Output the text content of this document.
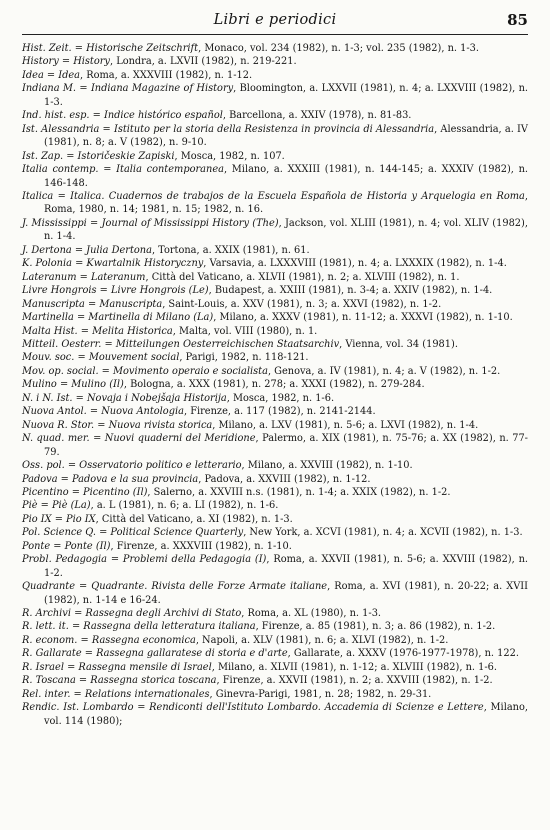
Libri e periodici	85

Hist. Zeit. = Historische Zeitschrift, Monaco, vol. 234 (1982), n. 1-3; vol. 235 (1982), n. 1-3.

History = History, Londra, a. LXVII (1982), n. 219-221.

Idea = Idea, Roma, a. XXXVIII (1982), n. 1-12.

Indiana M. = Indiana Magazine of History, Bloomington, a. LXXVII (1981), n. 4; a. LXXVIII (1982), n. 1-3.

Ind. hist. esp. = Indice histórico español, Barcellona, a. XXIV (1978), n. 81-83.

Ist. Alessandria = Istituto per la storia della Resistenza in provincia di Alessandria, Alessandria, a. IV (1981), n. 8; a. V (1982), n. 9-10.

Ist. Zap. = Istoričeskie Zapiski, Mosca, 1982, n. 107.

Italia contemp. = Italia contemporanea, Milano, a. XXXIII (1981), n. 144-145; a. XXXIV (1982), n. 146-148.

Italica = Italica. Cuadernos de trabajos de la Escuela Española de Historia y Arquelogia en Roma, Roma, 1980, n. 14; 1981, n. 15; 1982, n. 16.

J. Mississippi = Journal of Mississippi History (The), Jackson, vol. XLIII (1981), n. 4; vol. XLIV (1982), n. 1-4.

J. Dertona = Julia Dertona, Tortona, a. XXIX (1981), n. 61.

K. Polonia = Kwartalnik Historyczny, Varsavia, a. LXXXVIII (1981), n. 4; a. LXXXIX (1982), n. 1-4.

Lateranum = Lateranum, Città del Vaticano, a. XLVII (1981), n. 2; a. XLVIII (1982), n. 1.

Livre Hongrois = Livre Hongrois (Le), Budapest, a. XXIII (1981), n. 3-4; a. XXIV (1982), n. 1-4.

Manuscripta = Manuscripta, Saint-Louis, a. XXV (1981), n. 3; a. XXVI (1982), n. 1-2.

Martinella = Martinella di Milano (La), Milano, a. XXXV (1981), n. 11-12; a. XXXVI (1982), n. 1-10.

Malta Hist. = Melita Historica, Malta, vol. VIII (1980), n. 1.

Mitteil. Oesterr. = Mitteilungen Oesterreichischen Staatsarchiv, Vienna, vol. 34 (1981).

Mouv. soc. = Mouvement social, Parigi, 1982, n. 118-121.

Mov. op. social. = Movimento operaio e socialista, Genova, a. IV (1981), n. 4; a. V (1982), n. 1-2.

Mulino = Mulino (Il), Bologna, a. XXX (1981), n. 278; a. XXXI (1982), n. 279-284.

N. i N. Ist. = Novaja i Nobejšaja Historija, Mosca, 1982, n. 1-6.

Nuova Antol. = Nuova Antologia, Firenze, a. 117 (1982), n. 2141-2144.

Nuova R. Stor. = Nuova rivista storica, Milano, a. LXV (1981), n. 5-6; a. LXVI (1982), n. 1-4.

N. quad. mer. = Nuovi quaderni del Meridione, Palermo, a. XIX (1981), n. 75-76; a. XX (1982), n. 77-79.

Oss. pol. = Osservatorio politico e letterario, Milano, a. XXVIII (1982), n. 1-10.

Padova = Padova e la sua provincia, Padova, a. XXVIII (1982), n. 1-12.

Picentino = Picentino (Il), Salerno, a. XXVIII n.s. (1981), n. 1-4; a. XXIX (1982), n. 1-2.

Piè = Piè (La), a. L (1981), n. 6; a. LI (1982), n. 1-6.

Pio IX = Pio IX, Città del Vaticano, a. XI (1982), n. 1-3.

Pol. Science Q. = Political Science Quarterly, New York, a. XCVI (1981), n. 4; a. XCVII (1982), n. 1-3.

Ponte = Ponte (Il), Firenze, a. XXXVIII (1982), n. 1-10.

Probl. Pedagogia = Problemi della Pedagogia (I), Roma, a. XXVII (1981), n. 5-6; a. XXVIII (1982), n. 1-2.

Quadrante = Quadrante. Rivista delle Forze Armate italiane, Roma, a. XVI (1981), n. 20-22; a. XVII (1982), n. 1-14 e 16-24.

R. Archivi = Rassegna degli Archivi di Stato, Roma, a. XL (1980), n. 1-3.

R. lett. it. = Rassegna della letteratura italiana, Firenze, a. 85 (1981), n. 3; a. 86 (1982), n. 1-2.

R. econom. = Rassegna economica, Napoli, a. XLV (1981), n. 6; a. XLVI (1982), n. 1-2.

R. Gallarate = Rassegna gallaratese di storia e d'arte, Gallarate, a. XXXV (1976-1977-1978), n. 122.

R. Israel = Rassegna mensile di Israel, Milano, a. XLVII (1981), n. 1-12; a. XLVIII (1982), n. 1-6.

R. Toscana = Rassegna storica toscana, Firenze, a. XXVII (1981), n. 2; a. XXVIII (1982), n. 1-2.

Rel. inter. = Relations internationales, Ginevra-Parigi, 1981, n. 28; 1982, n. 29-31.

Rendic. Ist. Lombardo = Rendiconti dell'Istituto Lombardo. Accademia di Scienze e Lettere, Milano, vol. 114 (1980);
